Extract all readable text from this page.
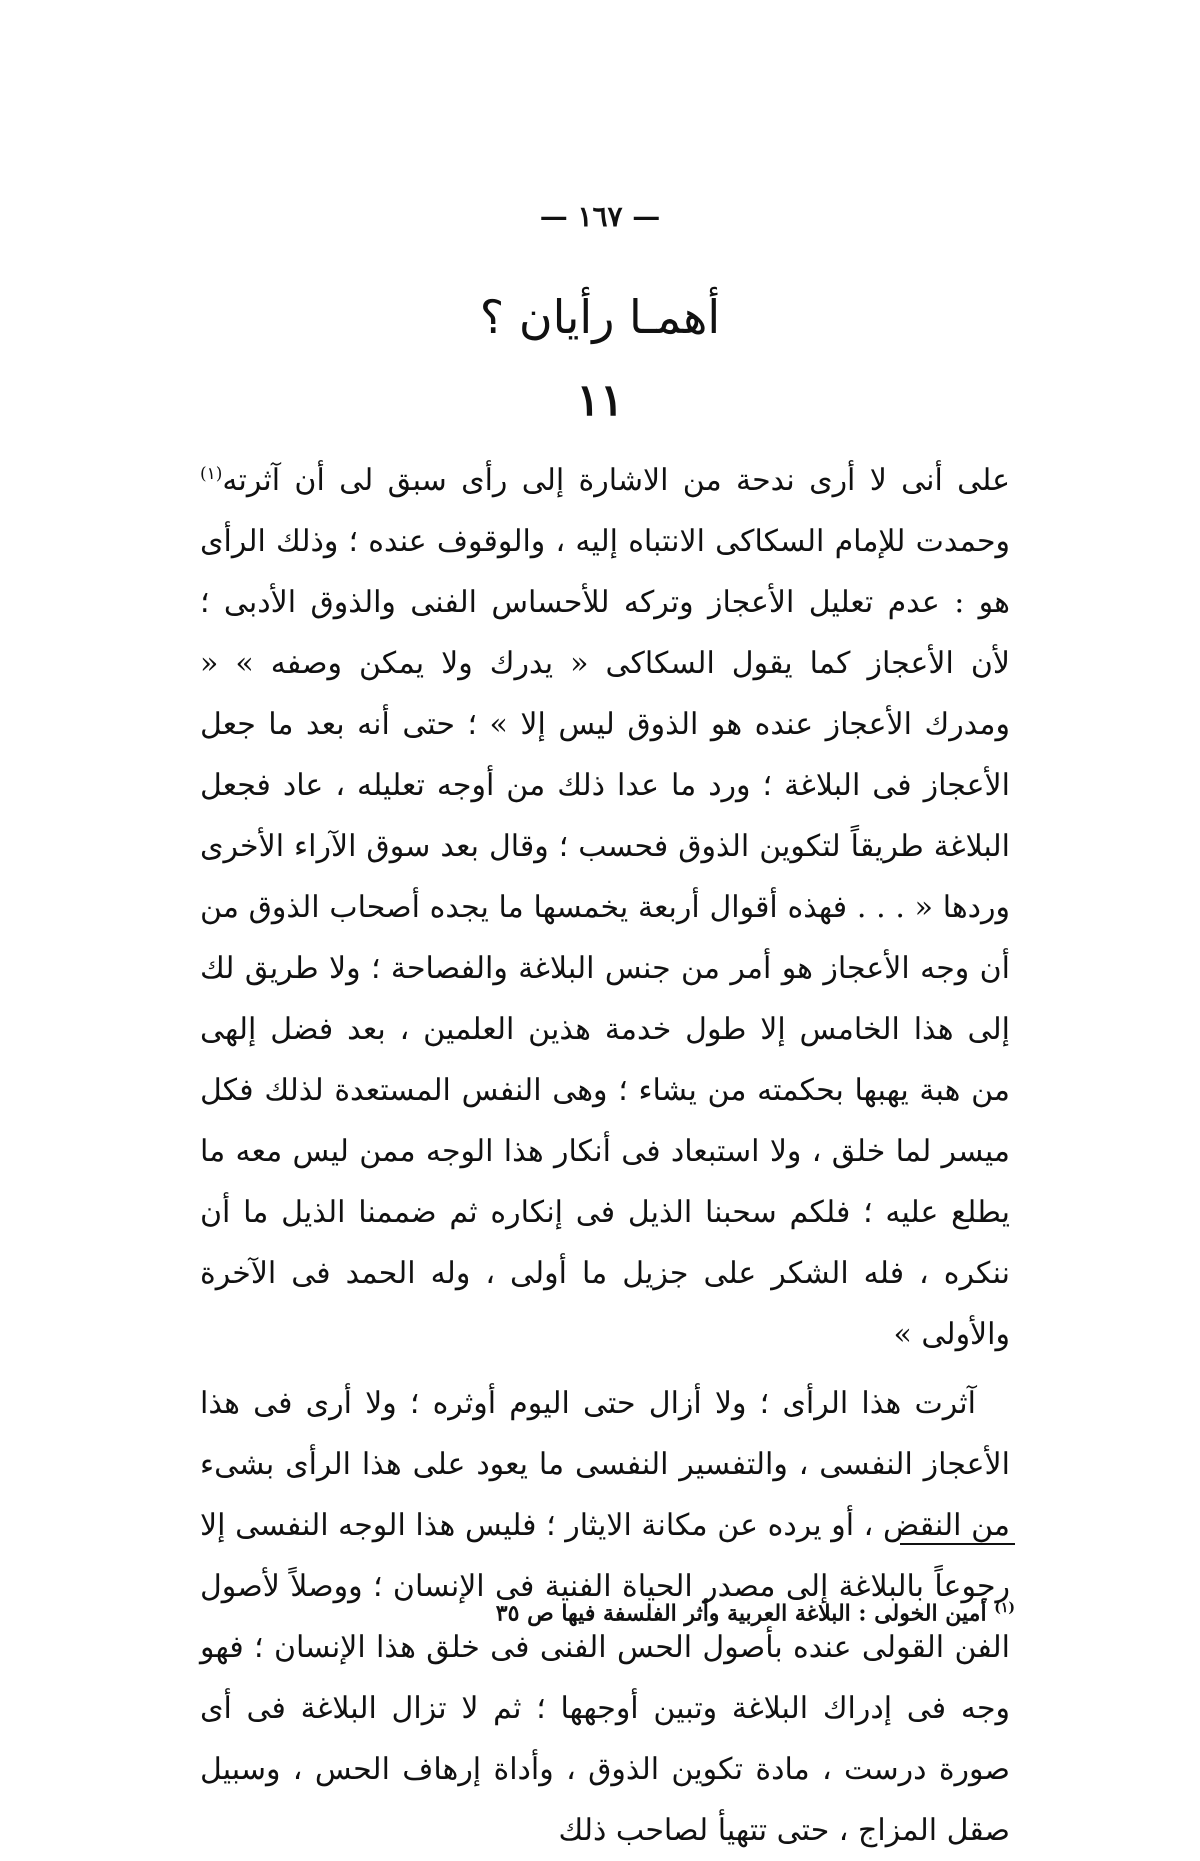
— ١٦٧ —
أهمـا رأيان ؟
١١

على أنى لا أرى ندحة من الاشارة إلى رأى سبق لى أن آثرته$^{(١)}$ وحمدت للإمام السكاكى الانتباه إليه ، والوقوف عنده ؛ وذلك الرأى هو : عدم تعليل الأعجاز وتركه للأحساس الفنى والذوق الأدبى ؛ لأن الأعجاز كما يقول السكاكى « يدرك ولا يمكن وصفه » « ومدرك الأعجاز عنده هو الذوق ليس إلا » ؛ حتى أنه بعد ما جعل الأعجاز فى البلاغة ؛ ورد ما عدا ذلك من أوجه تعليله ، عاد فجعل البلاغة طريقاً لتكوين الذوق فحسب ؛ وقال بعد سوق الآراء الأخرى وردها « . . . فهذه أقوال أربعة يخمسها ما يجده أصحاب الذوق من أن وجه الأعجاز هو أمر من جنس البلاغة والفصاحة ؛ ولا طريق لك إلى هذا الخامس إلا طول خدمة هذين العلمين ، بعد فضل إلهى من هبة يهبها بحكمته من يشاء ؛ وهى النفس المستعدة لذلك فكل ميسر لما خلق ، ولا استبعاد فى أنكار هذا الوجه ممن ليس معه ما يطلع عليه ؛ فلكم سحبنا الذيل فى إنكاره ثم ضممنا الذيل ما أن ننكره ، فله الشكر على جزيل ما أولى ، وله الحمد فى الآخرة والأولى »

آثرت هذا الرأى ؛ ولا أزال حتى اليوم أوثره ؛ ولا أرى فى هذا الأعجاز النفسى ، والتفسير النفسى ما يعود على هذا الرأى بشىء من النقض ، أو يرده عن مكانة الايثار ؛ فليس هذا الوجه النفسى إلا رجوعاً بالبلاغة إلى مصدر الحياة الفنية فى الإنسان ؛ ووصلاً لأصول الفن القولى عنده بأصول الحس الفنى فى خلق هذا الإنسان ؛ فهو وجه فى إدراك البلاغة وتبين أوجهها ؛ ثم لا تزال البلاغة فى أى صورة درست ، مادة تكوين الذوق ، وأداة إرهاف الحس ، وسبيل صقل المزاج ، حتى تتهيأ لصاحب ذلك

$^{(١)}$ أمين الخولى : البلاغة العربية وأثر الفلسفة فيها ص ٣٥
